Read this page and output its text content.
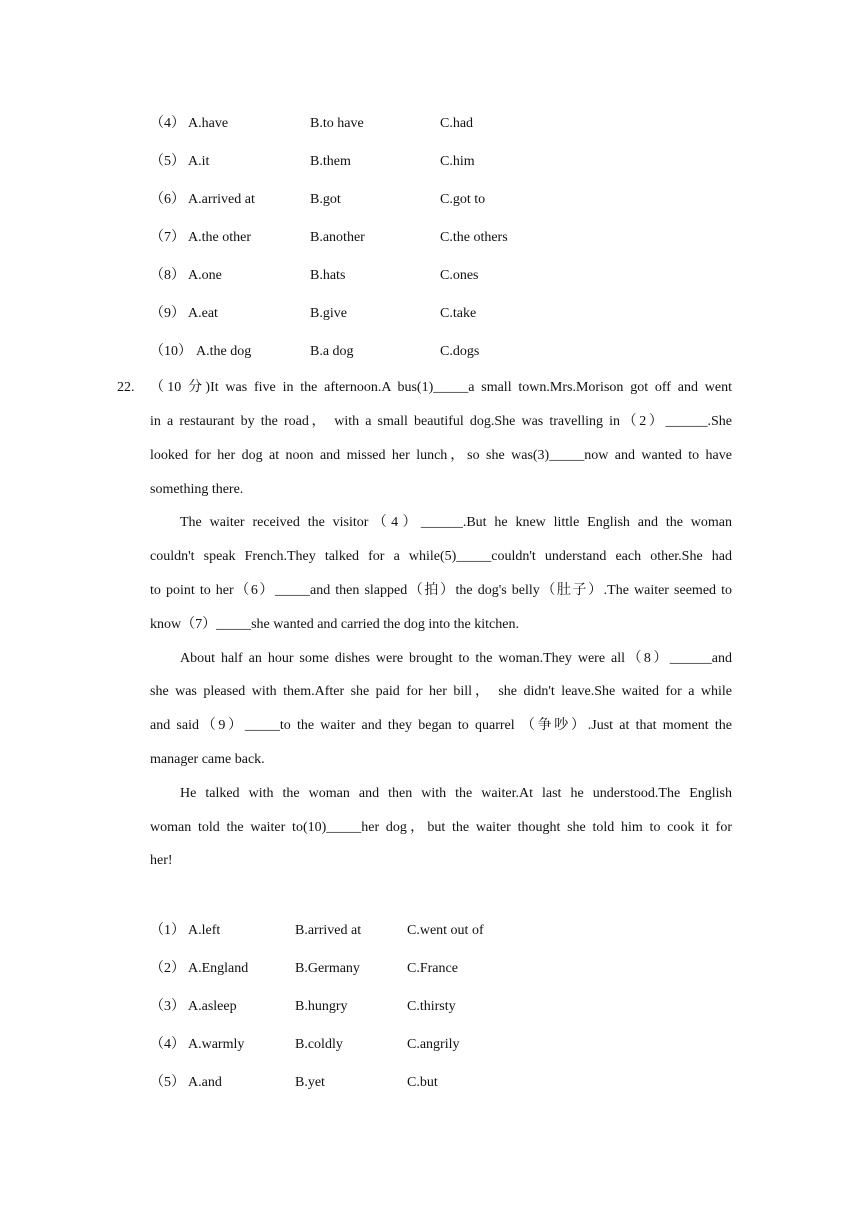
（4） A.have	B.to have	C.had
（5） A.it	B.them	C.him
（6） A.arrived at	B.got	C.got to
（7） A.the other	B.another	C.the others
（8） A.one	B.hats	C.ones
（9） A.eat	B.give	C.take
（10） A.the dog	B.a dog	C.dogs
22. （10 分)It was five in the afternoon.A bus(1)_____a small town.Mrs.Morison got off and went
in a restaurant by the road， with a small beautiful dog.She was travelling in（2）______.She
looked for her dog at noon and missed her lunch，so she was(3)_____now and wanted to have
something there.
The waiter received the visitor（4）______.But he knew little English and the woman
couldn't speak French.They talked for a while(5)_____couldn't understand each other.She had
to point to her（6）_____and then slapped（拍）the dog's belly（肚子）.The waiter seemed to
know（7）_____she wanted and carried the dog into the kitchen.
About half an hour some dishes were brought to the woman.They were all（8）______and
she was pleased with them.After she paid for her bill， she didn't leave.She waited for a while
and said（9）_____to the waiter and they began to quarrel （争吵）.Just at that moment the
manager came back.
He talked with the woman and then with the waiter.At last he understood.The English
woman told the waiter to(10)_____her dog，but the waiter thought she told him to cook it for
her!
（1） A.left	B.arrived at	C.went out of
（2） A.England	B.Germany	C.France
（3） A.asleep	B.hungry	C.thirsty
（4） A.warmly	B.coldly	C.angrily
（5） A.and	B.yet	C.but
